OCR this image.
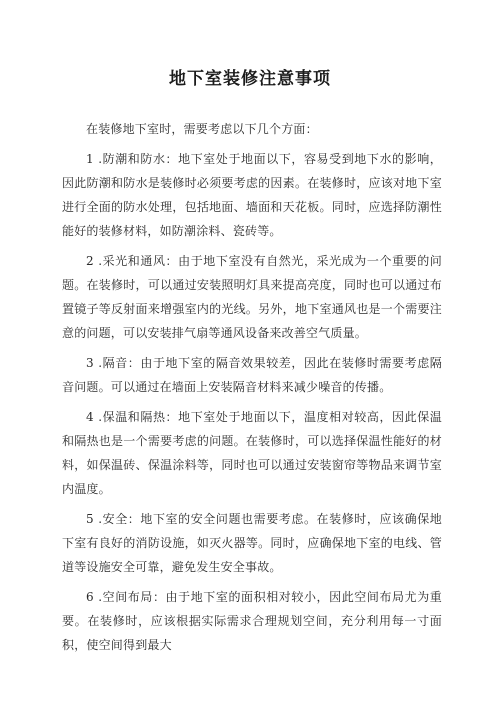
地下室装修注意事项

在装修地下室时，需要考虑以下几个方面：

1 .防潮和防水：地下室处于地面以下，容易受到地下水的影响，因此防潮和防水是装修时必须要考虑的因素。在装修时，应该对地下室进行全面的防水处理，包括地面、墙面和天花板。同时，应选择防潮性能好的装修材料，如防潮涂料、瓷砖等。

2 .采光和通风：由于地下室没有自然光，采光成为一个重要的问题。在装修时，可以通过安装照明灯具来提高亮度，同时也可以通过布置镜子等反射面来增强室内的光线。另外，地下室通风也是一个需要注意的问题，可以安装排气扇等通风设备来改善空气质量。

3 .隔音：由于地下室的隔音效果较差，因此在装修时需要考虑隔音问题。可以通过在墙面上安装隔音材料来减少噪音的传播。

4 .保温和隔热：地下室处于地面以下，温度相对较高，因此保温和隔热也是一个需要考虑的问题。在装修时，可以选择保温性能好的材料，如保温砖、保温涂料等，同时也可以通过安装窗帘等物品来调节室内温度。

5 .安全：地下室的安全问题也需要考虑。在装修时，应该确保地下室有良好的消防设施，如灭火器等。同时，应确保地下室的电线、管道等设施安全可靠，避免发生安全事故。

6 .空间布局：由于地下室的面积相对较小，因此空间布局尤为重要。在装修时，应该根据实际需求合理规划空间，充分利用每一寸面积，使空间得到最大
